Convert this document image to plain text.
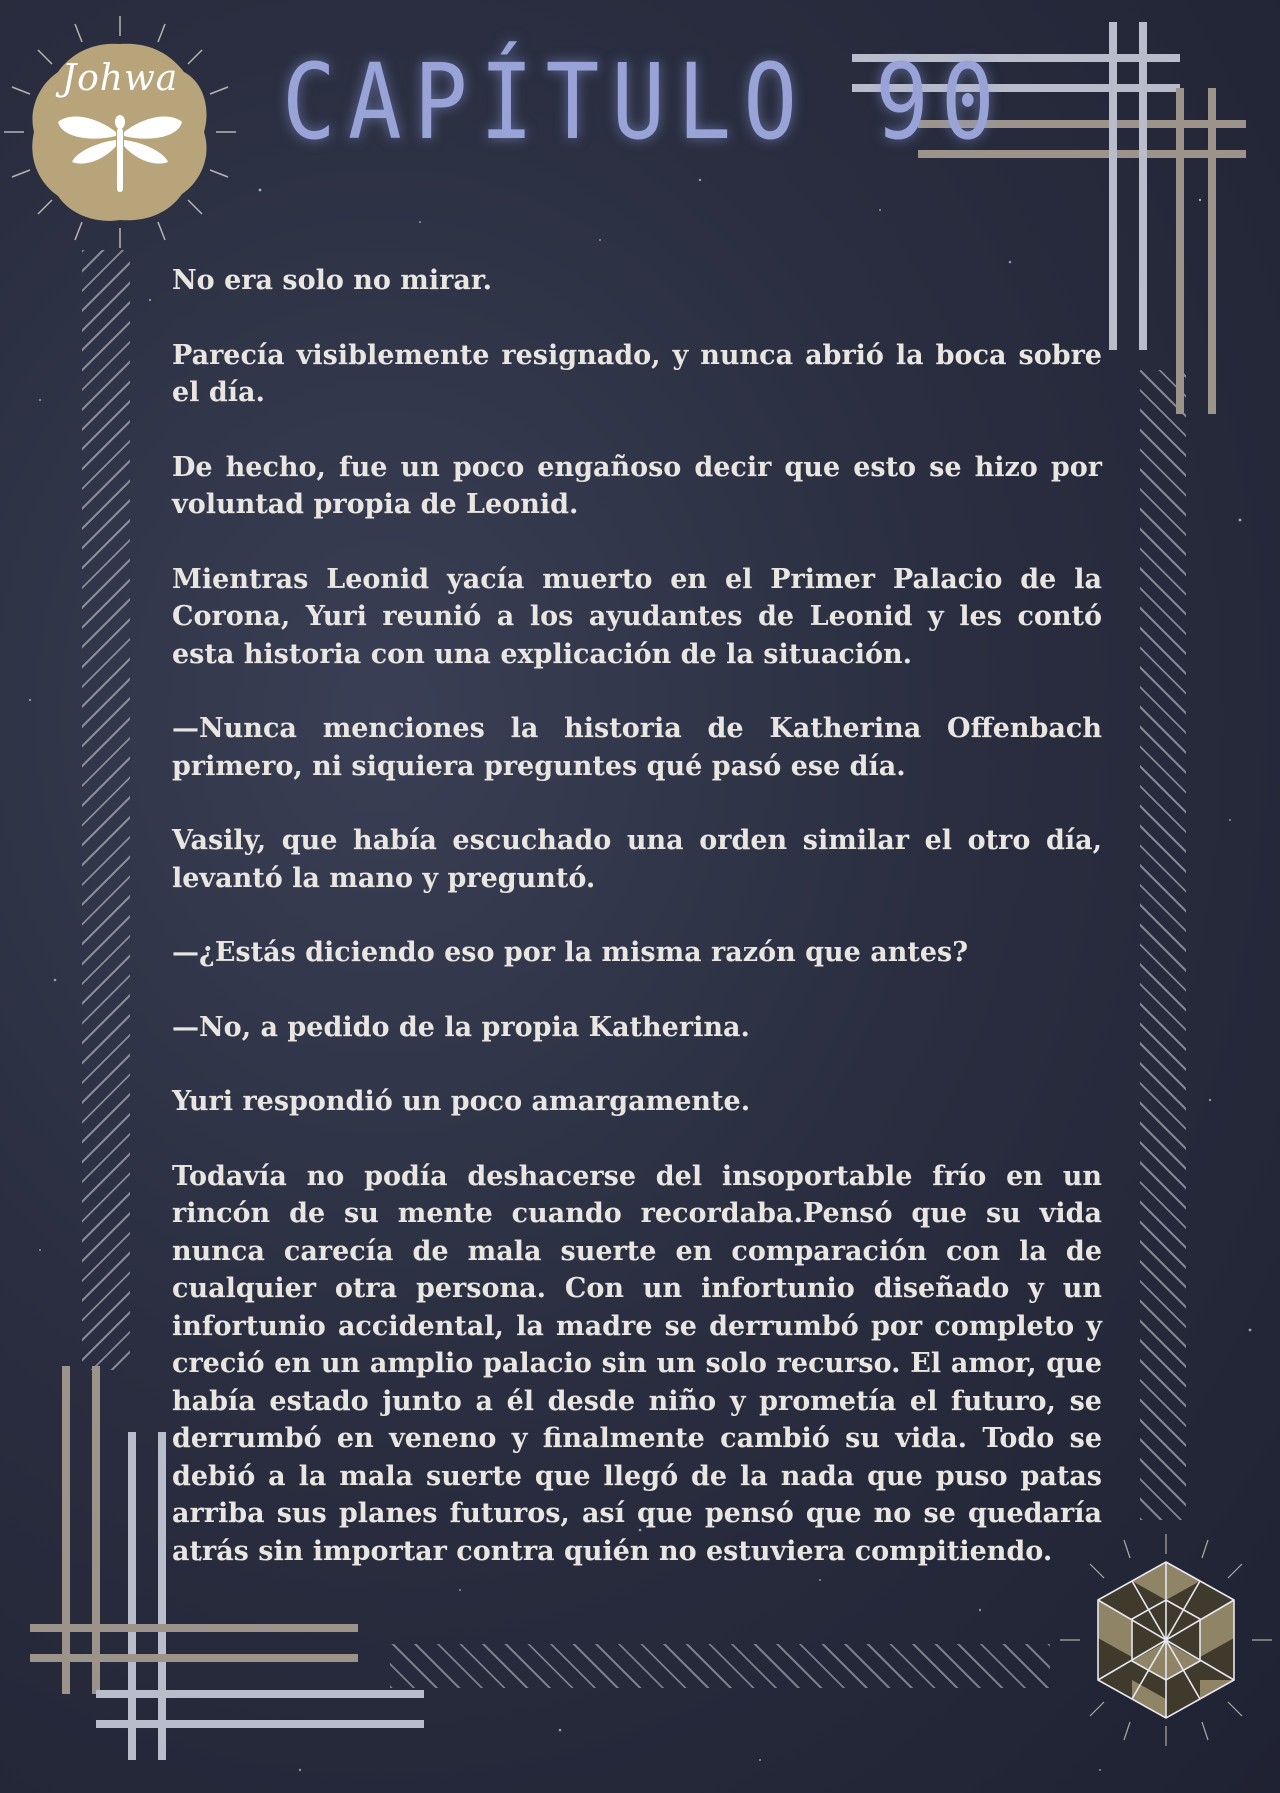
Johwa CAPÍTULO 90

No era solo no mirar.

Parecía visiblemente resignado, y nunca abrió la boca sobre el día.

De hecho, fue un poco engañoso decir que esto se hizo por voluntad propia de Leonid.

Mientras Leonid yacía muerto en el Primer Palacio de la Corona, Yuri reunió a los ayudantes de Leonid y les contó esta historia con una explicación de la situación.

—Nunca menciones la historia de Katherina Offenbach primero, ni siquiera preguntes qué pasó ese día.

Vasily, que había escuchado una orden similar el otro día, levantó la mano y preguntó.

—¿Estás diciendo eso por la misma razón que antes?

—No, a pedido de la propia Katherina.

Yuri respondió un poco amargamente.

Todavía no podía deshacerse del insoportable frío en un rincón de su mente cuando recordaba.Pensó que su vida nunca carecía de mala suerte en comparación con la de cualquier otra persona. Con un infortunio diseñado y un infortunio accidental, la madre se derrumbó por completo y creció en un amplio palacio sin un solo recurso. El amor, que había estado junto a él desde niño y prometía el futuro, se derrumbó en veneno y finalmente cambió su vida. Todo se debió a la mala suerte que llegó de la nada que puso patas arriba sus planes futuros, así que pensó que no se quedaría atrás sin importar contra quién no estuviera compitiendo.
